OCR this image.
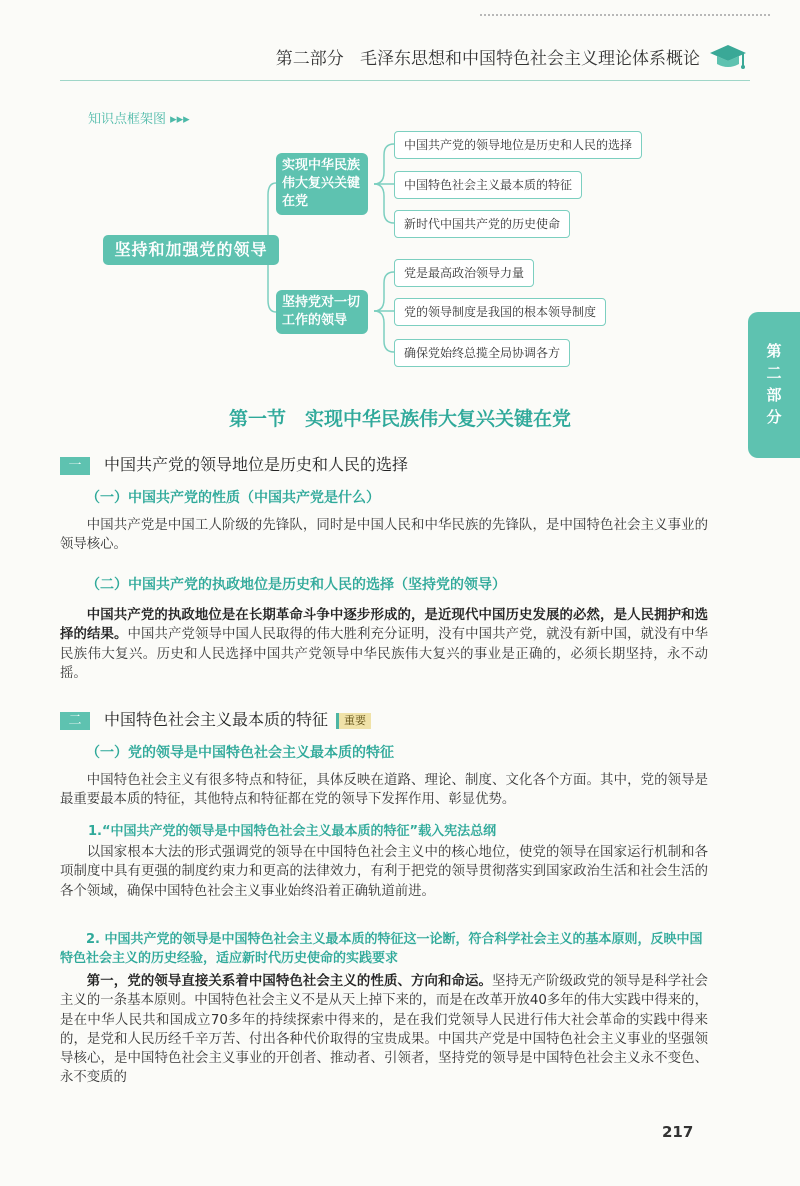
第二部分 毛泽东思想和中国特色社会主义理论体系概论
知识点框架图 ▸▸▸
坚持和加强党的领导
实现中华民族伟大复兴关键在党
坚持党对一切工作的领导
中国共产党的领导地位是历史和人民的选择
中国特色社会主义最本质的特征
新时代中国共产党的历史使命
党是最高政治领导力量
党的领导制度是我国的根本领导制度
确保党始终总揽全局协调各方	第二部分
第一节　实现中华民族伟大复兴关键在党
一 中国共产党的领导地位是历史和人民的选择
（一）中国共产党的性质（中国共产党是什么）
中国共产党是中国工人阶级的先锋队，同时是中国人民和中华民族的先锋队，是中国特色社会主义事业的领导核心。
（二）中国共产党的执政地位是历史和人民的选择（坚持党的领导）
中国共产党的执政地位是在长期革命斗争中逐步形成的，是近现代中国历史发展的必然，是人民拥护和选择的结果。中国共产党领导中国人民取得的伟大胜利充分证明，没有中国共产党，就没有新中国，就没有中华民族伟大复兴。历史和人民选择中国共产党领导中华民族伟大复兴的事业是正确的，必须长期坚持，永不动摇。
二 中国特色社会主义最本质的特征 重要
（一）党的领导是中国特色社会主义最本质的特征
中国特色社会主义有很多特点和特征，具体反映在道路、理论、制度、文化各个方面。其中，党的领导是最重要最本质的特征，其他特点和特征都在党的领导下发挥作用、彰显优势。
1.“中国共产党的领导是中国特色社会主义最本质的特征”载入宪法总纲
以国家根本大法的形式强调党的领导在中国特色社会主义中的核心地位，使党的领导在国家运行机制和各项制度中具有更强的制度约束力和更高的法律效力，有利于把党的领导贯彻落实到国家政治生活和社会生活的各个领域，确保中国特色社会主义事业始终沿着正确轨道前进。
2. 中国共产党的领导是中国特色社会主义最本质的特征这一论断，符合科学社会主义的基本原则，反映中国特色社会主义的历史经验，适应新时代历史使命的实践要求
第一，党的领导直接关系着中国特色社会主义的性质、方向和命运。坚持无产阶级政党的领导是科学社会主义的一条基本原则。中国特色社会主义不是从天上掉下来的，而是在改革开放40多年的伟大实践中得来的，是在中华人民共和国成立70多年的持续探索中得来的，是在我们党领导人民进行伟大社会革命的实践中得来的，是党和人民历经千辛万苦、付出各种代价取得的宝贵成果。中国共产党是中国特色社会主义事业的坚强领导核心，是中国特色社会主义事业的开创者、推动者、引领者，坚持党的领导是中国特色社会主义永不变色、永不变质的
217
